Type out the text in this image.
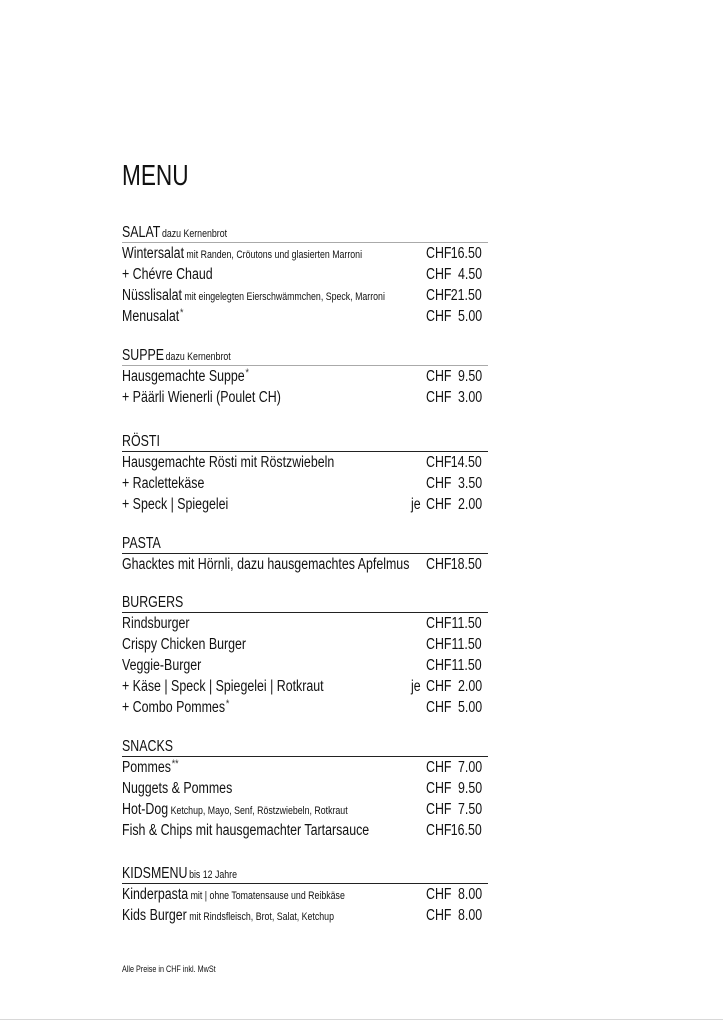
MENU
SALAT dazu Kernenbrot
Wintersalat mit Randen, Cröutons und glasierten Marroni	CHF 16.50
+ Chévre Chaud	CHF 4.50
Nüsslisalat mit eingelegten Eierschwämmchen, Speck, Marroni	CHF 21.50
Menusalat*	CHF 5.00
SUPPE dazu Kernenbrot
Hausgemachte Suppe*	CHF 9.50
+ Päärli Wienerli (Poulet CH)	CHF 3.00
RÖSTI
Hausgemachte Rösti mit Röstzwiebeln	CHF 14.50
+ Raclettekäse	CHF 3.50
+ Speck | Spiegelei	je CHF 2.00
PASTA
Ghacktes mit Hörnli, dazu hausgemachtes Apfelmus CHF 18.50
BURGERS
Rindsburger	CHF 11.50
Crispy Chicken Burger	CHF 11.50
Veggie-Burger	CHF 11.50
+ Käse | Speck | Spiegelei | Rotkraut	je CHF 2.00
+ Combo Pommes*	CHF 5.00
SNACKS
Pommes**	CHF 7.00
Nuggets & Pommes	CHF 9.50
Hot-Dog Ketchup, Mayo, Senf, Röstzwiebeln, Rotkraut	CHF 7.50
Fish & Chips mit hausgemachter Tartarsauce	CHF 16.50
KIDSMENU bis 12 Jahre
Kinderpasta mit | ohne Tomatensause und Reibkäse	CHF 8.00
Kids Burger mit Rindsfleisch, Brot, Salat, Ketchup	CHF 8.00
Alle Preise in CHF inkl. MwSt
